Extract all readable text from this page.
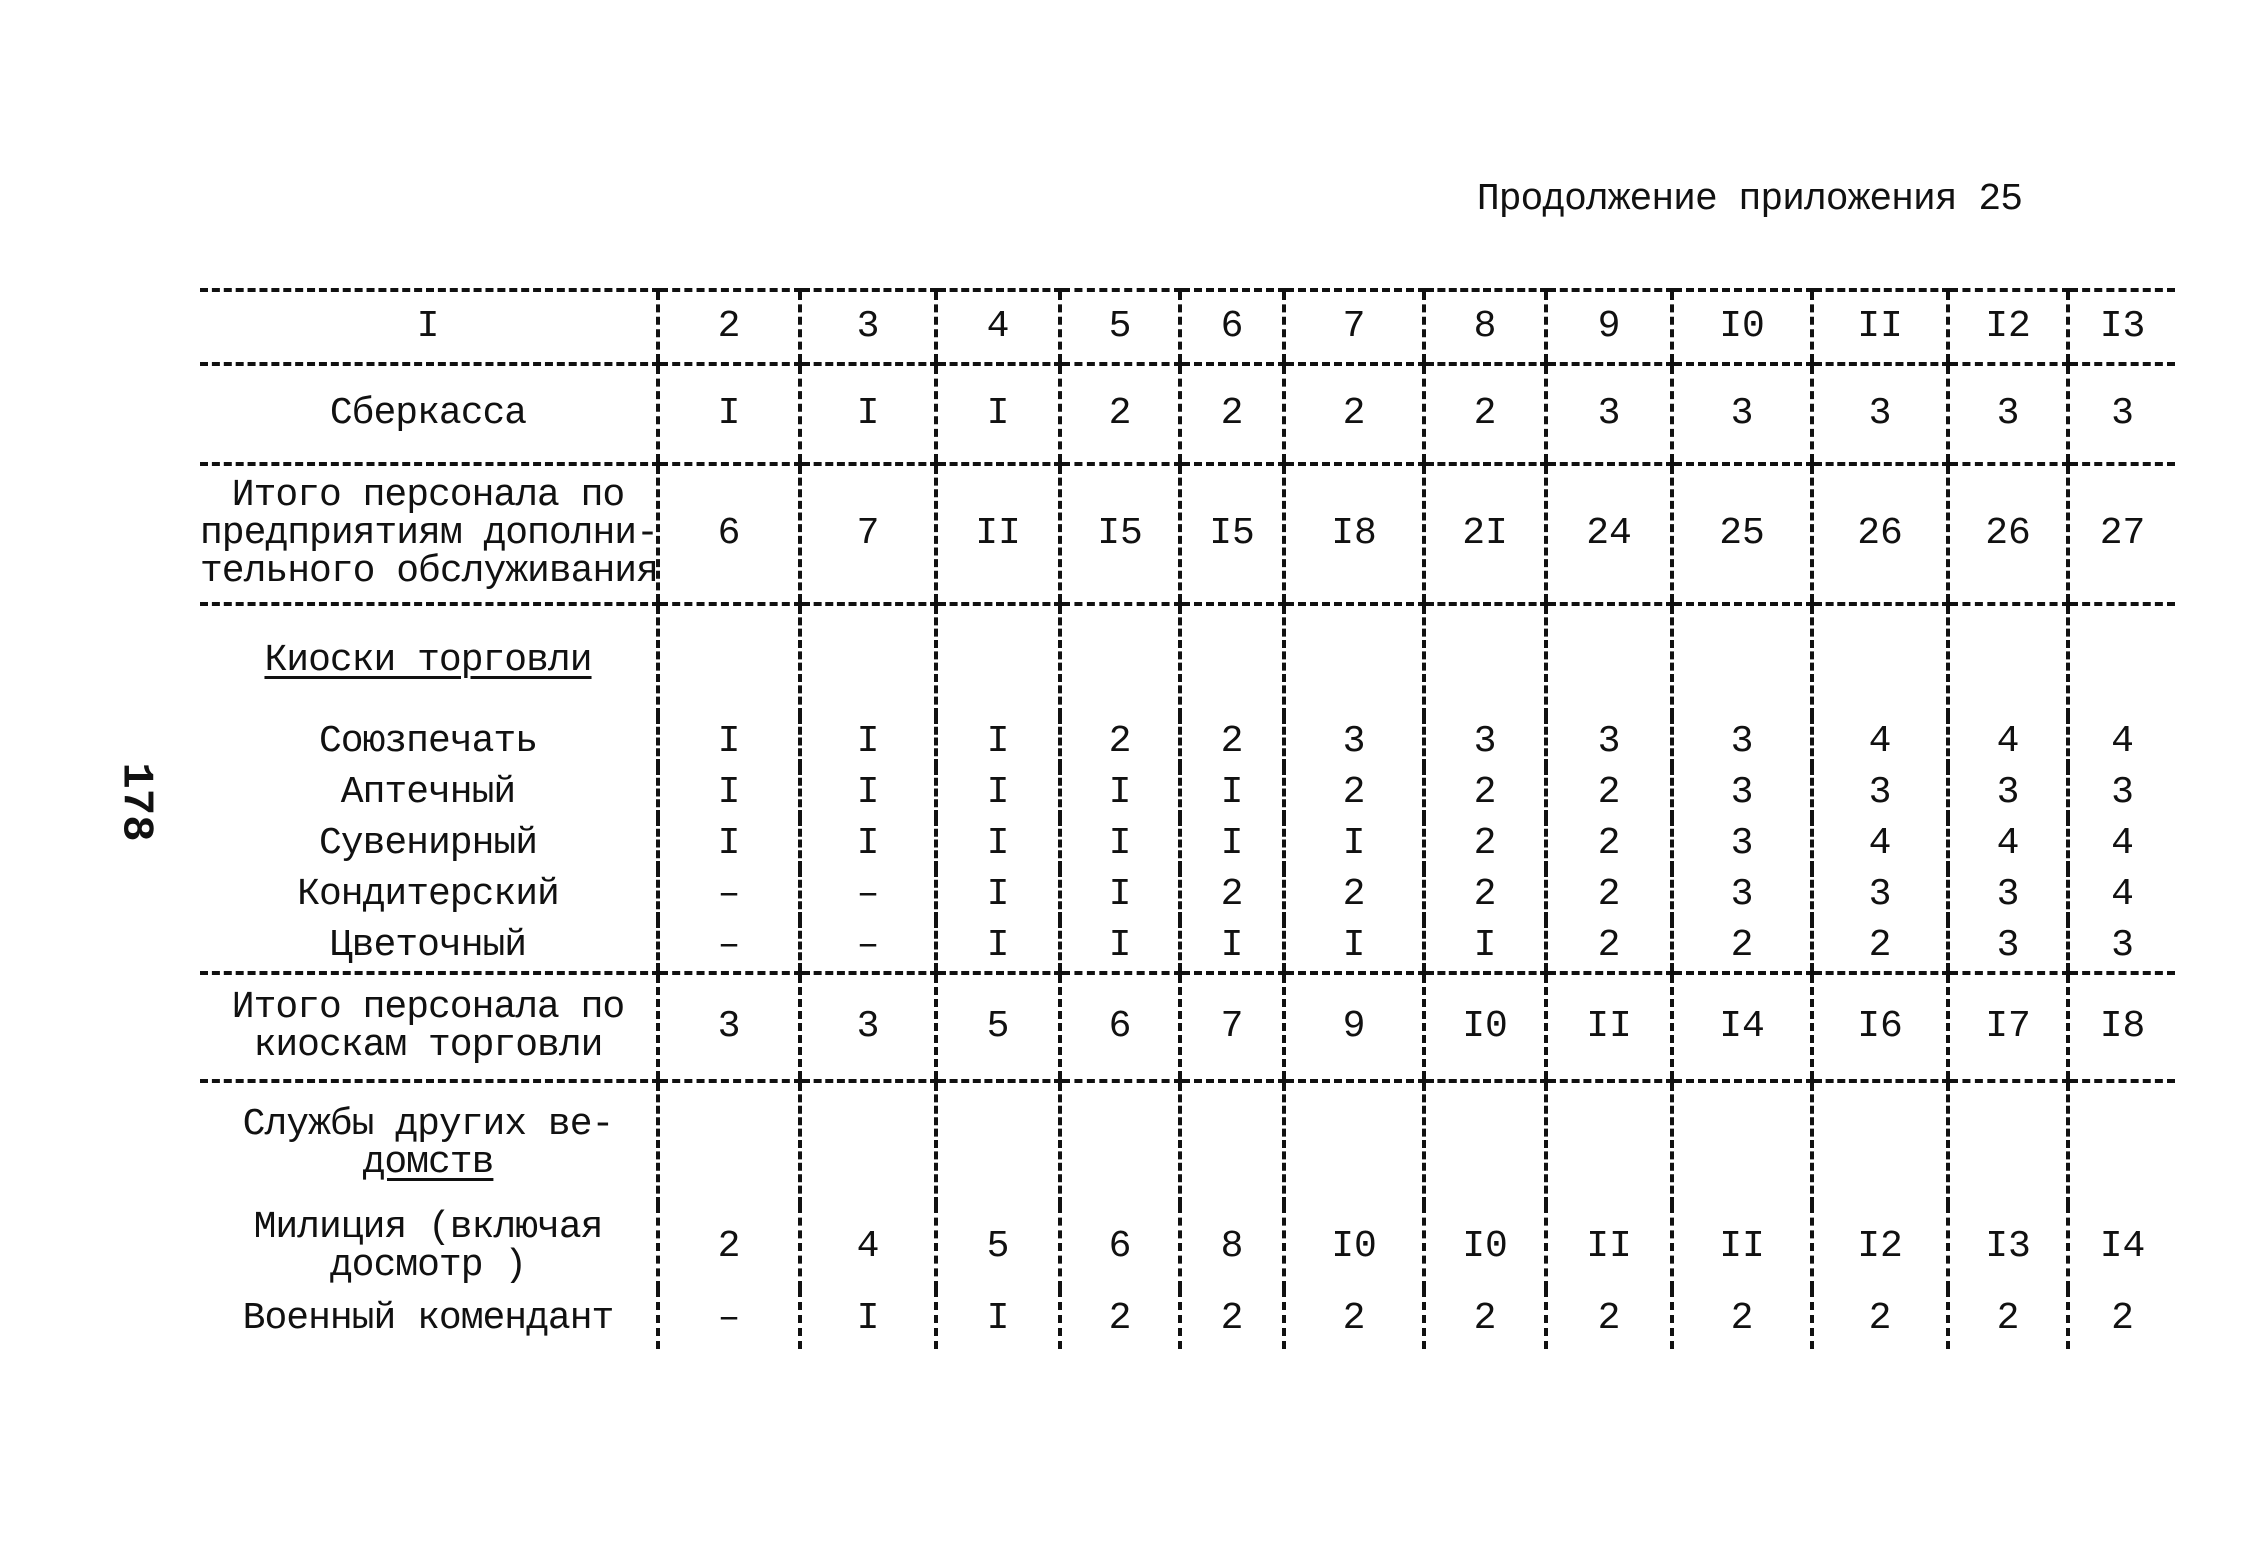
Продолжение приложения 25
178
I	2	3	4	5	6	7	8	9	I0	II	I2	I3
Сберкасса	I	I	I	2	2	2	2	3	3	3	3	3

Итого персонала по
предприятиям дополни-
тельного обслуживания	6	7	II	I5	I5	I8	2I	24	25	26	26	27
Киоски торговли												
Союзпечать	I	I	I	2	2	3	3	3	3	4	4	4
Аптечный	I	I	I	I	I	2	2	2	3	3	3	3
Сувенирный	I	I	I	I	I	I	2	2	3	4	4	4
Кондитерский	–	–	I	I	2	2	2	2	3	3	3	4
Цветочный	–	–	I	I	I	I	I	2	2	2	3	3

Итого персонала по
киоскам торговли	3	3	5	6	7	9	I0	II	I4	I6	I7	I8

Службы других ве-
домств												

Милиция (включая
досмотр )	2	4	5	6	8	I0	I0	II	II	I2	I3	I4
Военный комендант	–	I	I	2	2	2	2	2	2	2	2	2
